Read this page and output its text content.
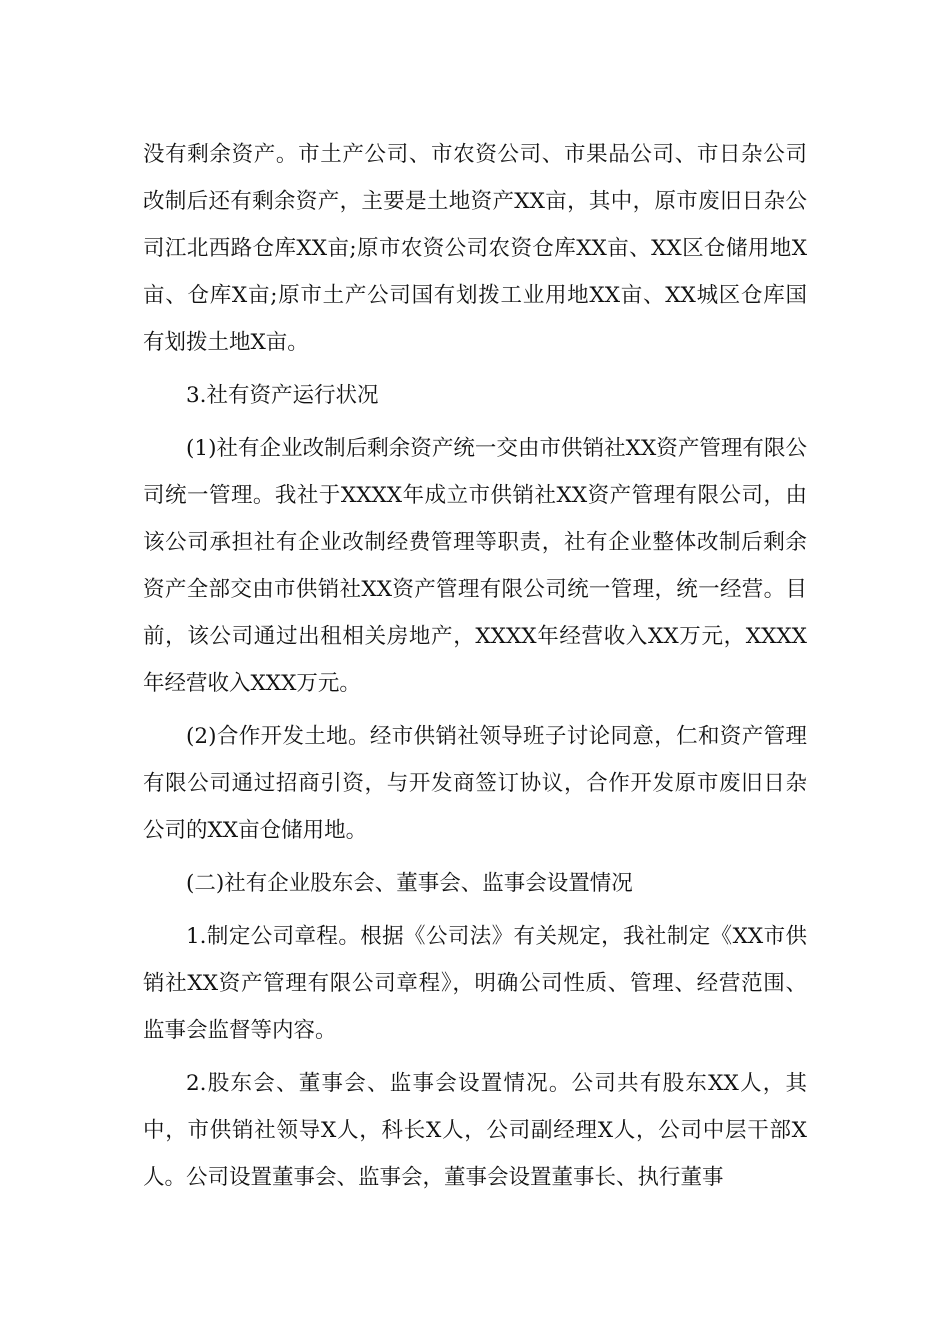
没有剩余资产。市土产公司、市农资公司、市果品公司、市日杂公司改制后还有剩余资产，主要是土地资产XX亩，其中，原市废旧日杂公司江北西路仓库XX亩;原市农资公司农资仓库XX亩、XX区仓储用地X亩、仓库X亩;原市土产公司国有划拨工业用地XX亩、XX城区仓库国有划拨土地X亩。

3.社有资产运行状况

(1)社有企业改制后剩余资产统一交由市供销社XX资产管理有限公司统一管理。我社于XXXX年成立市供销社XX资产管理有限公司，由该公司承担社有企业改制经费管理等职责，社有企业整体改制后剩余资产全部交由市供销社XX资产管理有限公司统一管理，统一经营。目前，该公司通过出租相关房地产，XXXX年经营收入XX万元，XXXX年经营收入XXX万元。

(2)合作开发土地。经市供销社领导班子讨论同意，仁和资产管理有限公司通过招商引资，与开发商签订协议，合作开发原市废旧日杂公司的XX亩仓储用地。

(二)社有企业股东会、董事会、监事会设置情况

1.制定公司章程。根据《公司法》有关规定，我社制定《XX市供销社XX资产管理有限公司章程》，明确公司性质、管理、经营范围、监事会监督等内容。

2.股东会、董事会、监事会设置情况。公司共有股东XX人，其中，市供销社领导X人，科长X人，公司副经理X人，公司中层干部X人。公司设置董事会、监事会，董事会设置董事长、执行董事
